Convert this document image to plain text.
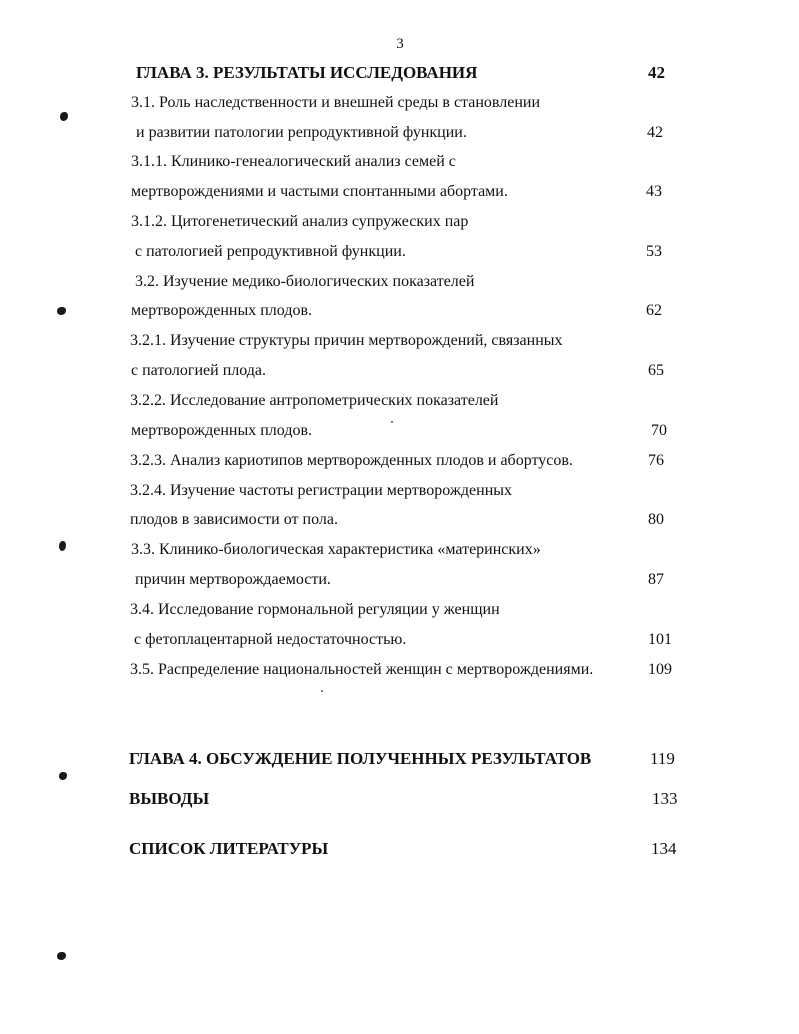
3
ГЛАВА 3. РЕЗУЛЬТАТЫ ИССЛЕДОВАНИЯ	42
3.1. Роль наследственности и внешней среды в становлении
и развитии патологии репродуктивной функции.	42
3.1.1. Клинико-генеалогический анализ семей с
мертворождениями и частыми спонтанными абортами.	43
3.1.2. Цитогенетический анализ супружеских пар
с патологией репродуктивной функции.	53
3.2. Изучение медико-биологических показателей
мертворожденных плодов.	62
3.2.1. Изучение структуры причин мертворождений, связанных
с патологией плода.	65
3.2.2. Исследование антропометрических показателей
мертворожденных плодов.	70
3.2.3. Анализ кариотипов мертворожденных плодов и абортусов.	76
3.2.4. Изучение частоты регистрации мертворожденных
плодов в зависимости от пола.	80
3.3. Клинико-биологическая характеристика «материнских»
причин мертворождаемости.	87
3.4. Исследование гормональной регуляции у женщин
с фетоплацентарной недостаточностью.	101
3.5. Распределение национальностей женщин с мертворождениями.	109
ГЛАВА 4. ОБСУЖДЕНИЕ ПОЛУЧЕННЫХ РЕЗУЛЬТАТОВ	119
ВЫВОДЫ	133
СПИСОК ЛИТЕРАТУРЫ	134
